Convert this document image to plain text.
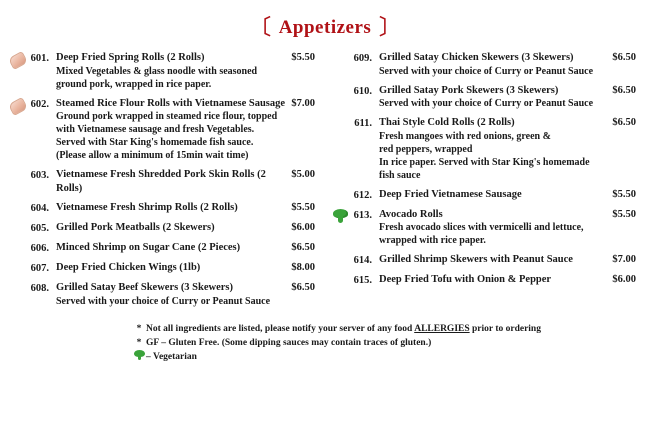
〔 Appetizers 〕
601. Deep Fried Spring Rolls (2 Rolls)	$5.50
Mixed Vegetables & glass noodle with seasoned
ground pork, wrapped in rice paper.
602. Steamed Rice Flour Rolls with Vietnamese Sausage $7.00
Ground pork wrapped in steamed rice flour, topped
with Vietnamese sausage and fresh Vegetables.
Served with Star King's homemade fish sauce.
(Please allow a minimum of 15min wait time)
603. Vietnamese Fresh Shredded Pork Skin Rolls (2 Rolls)
$5.00
604. Vietnamese Fresh Shrimp Rolls (2 Rolls)	$5.50
605. Grilled Pork Meatballs (2 Skewers)	$6.00
606. Minced Shrimp on Sugar Cane (2 Pieces)	$6.50
607. Deep Fried Chicken Wings (1lb)	$8.00
608. Grilled Satay Beef Skewers (3 Skewers)	$6.50
Served with your choice of Curry or Peanut Sauce
609. Grilled Satay Chicken Skewers (3 Skewers)	$6.50
Served with your choice of Curry or Peanut Sauce
610. Grilled Satay Pork Skewers (3 Skewers)	$6.50
Served with your choice of Curry or Peanut Sauce
611. Thai Style Cold Rolls (2 Rolls)	$6.50
Fresh mangoes with red onions, green &
red peppers, wrapped
In rice paper. Served with Star King's homemade
fish sauce
612. Deep Fried Vietnamese Sausage	$5.50
613. Avocado Rolls	$5.50
Fresh avocado slices with vermicelli and lettuce,
wrapped with rice paper.
614. Grilled Shrimp Skewers with Peanut Sauce	$7.00
615. Deep Fried Tofu with Onion & Pepper	$6.00
* Not all ingredients are listed, please notify your server of any food ALLERGIES prior to ordering
* GF – Gluten Free. (Some dipping sauces may contain traces of gluten.)
– Vegetarian
